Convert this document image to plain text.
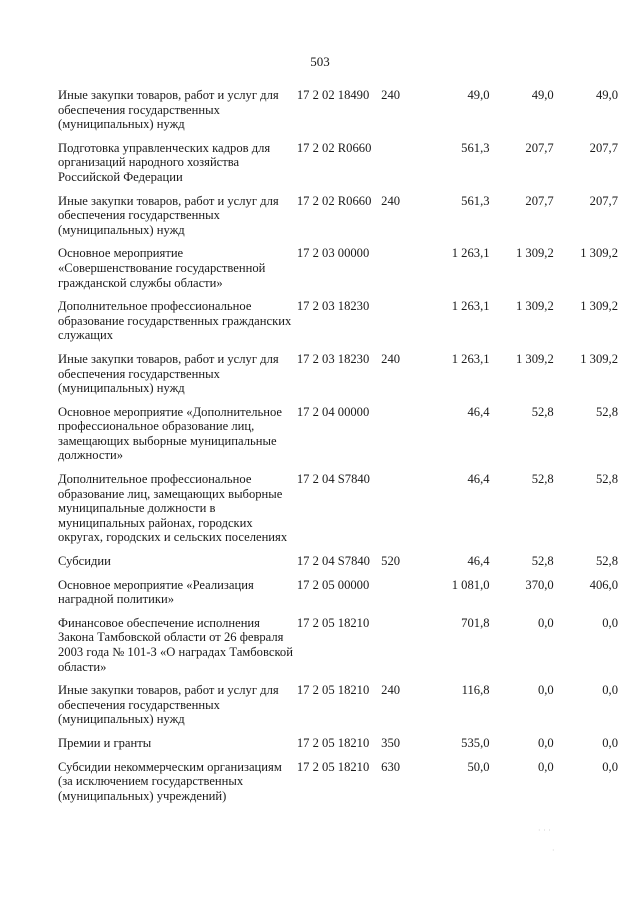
503
Иные закупки товаров, работ и услуг для обеспечения государственных (муниципальных) нужд	17 2 02 18490	240	49,0	49,0	49,0
Подготовка управленческих кадров для организаций народного хозяйства Российской Федерации	17 2 02 R0660		561,3	207,7	207,7
Иные закупки товаров, работ и услуг для обеспечения государственных (муниципальных) нужд	17 2 02 R0660	240	561,3	207,7	207,7
Основное мероприятие «Совершенствование государственной гражданской службы области»	17 2 03 00000		1 263,1	1 309,2	1 309,2
Дополнительное профессиональное образование государственных гражданских служащих	17 2 03 18230		1 263,1	1 309,2	1 309,2
Иные закупки товаров, работ и услуг для обеспечения государственных (муниципальных) нужд	17 2 03 18230	240	1 263,1	1 309,2	1 309,2
Основное мероприятие «Дополнительное профессиональное образование лиц, замещающих выборные муниципальные должности»	17 2 04 00000		46,4	52,8	52,8
Дополнительное профессиональное образование лиц, замещающих выборные муниципальные должности в муниципальных районах, городских округах, городских и сельских поселениях	17 2 04 S7840		46,4	52,8	52,8
Субсидии	17 2 04 S7840	520	46,4	52,8	52,8
Основное мероприятие «Реализация наградной политики»	17 2 05 00000		1 081,0	370,0	406,0
Финансовое обеспечение исполнения Закона Тамбовской области от 26 февраля 2003 года № 101-З «О наградах Тамбовской области»	17 2 05 18210		701,8	0,0	0,0
Иные закупки товаров, работ и услуг для обеспечения государственных (муниципальных) нужд	17 2 05 18210	240	116,8	0,0	0,0
Премии и гранты	17 2 05 18210	350	535,0	0,0	0,0
Субсидии некоммерческим организациям (за исключением государственных (муниципальных) учреждений)	17 2 05 18210	630	50,0	0,0	0,0
· · ·
·
